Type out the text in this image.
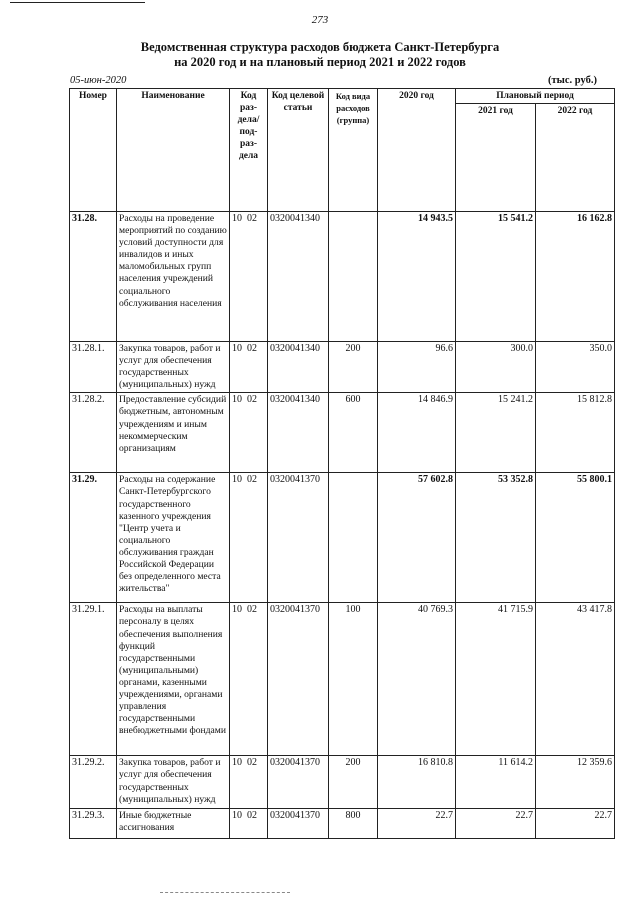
273
Ведомственная структура расходов бюджета Санкт-Петербурга
на 2020 год и на плановый период 2021 и 2022 годов
05-июн-2020	(тыс. руб.)
Номер	Наименование	Код раз- дела/ под- раз- дела	Код целевой статьи	Код вида расходов (группа)	2020 год	Плановый период	
						2021 год	2022 год
31.28.	Расходы на проведение мероприятий по созданию условий доступности для инвалидов и иных маломобильных групп населения учреждений социального обслуживания населения	10 02	0320041340		14 943.5	15 541.2	16 162.8
31.28.1.	Закупка товаров, работ и услуг для обеспечения государственных (муниципальных) нужд	10 02	0320041340	200	96.6	300.0	350.0
31.28.2.	Предоставление субсидий бюджетным, автономным учреждениям и иным некоммерческим организациям	10 02	0320041340	600	14 846.9	15 241.2	15 812.8
31.29.	Расходы на содержание Санкт-Петербургского государственного казенного учреждения "Центр учета и социального обслуживания граждан Российской Федерации без определенного места жительства"	10 02	0320041370		57 602.8	53 352.8	55 800.1
31.29.1.	Расходы на выплаты персоналу в целях обеспечения выполнения функций государственными (муниципальными) органами, казенными учреждениями, органами управления государственными внебюджетными фондами	10 02	0320041370	100	40 769.3	41 715.9	43 417.8
31.29.2.	Закупка товаров, работ и услуг для обеспечения государственных (муниципальных) нужд	10 02	0320041370	200	16 810.8	11 614.2	12 359.6
31.29.3.	Иные бюджетные ассигнования	10 02	0320041370	800	22.7	22.7	22.7
